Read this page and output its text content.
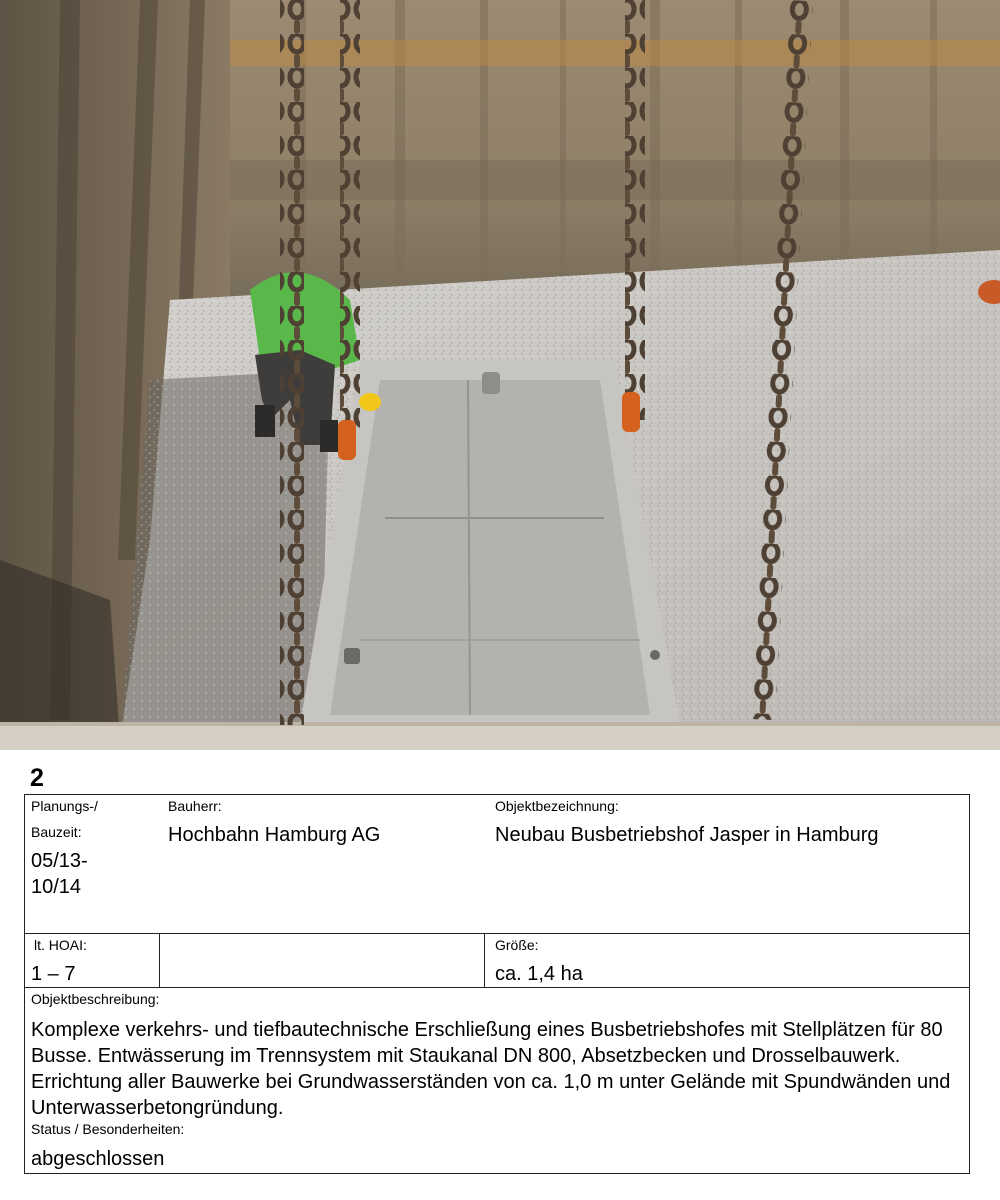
2
Planungs-/
Bauzeit:
05/13-
10/14
Bauherr:
Hochbahn Hamburg AG
Objektbezeichnung:
Neubau Busbetriebshof Jasper in Hamburg
lt. HOAI:
1 – 7
Größe:
ca. 1,4 ha
Objektbeschreibung:
Komplexe verkehrs- und tiefbautechnische Erschließung eines Busbetriebshofes mit Stellplätzen für 80 Busse. Entwässerung im Trennsystem mit Staukanal DN 800, Absetzbecken und Drosselbauwerk. Errichtung aller Bauwerke bei Grundwasserständen von ca. 1,0 m unter Gelände mit Spundwänden und Unterwasserbetongründung.
Status / Besonderheiten:
abgeschlossen
